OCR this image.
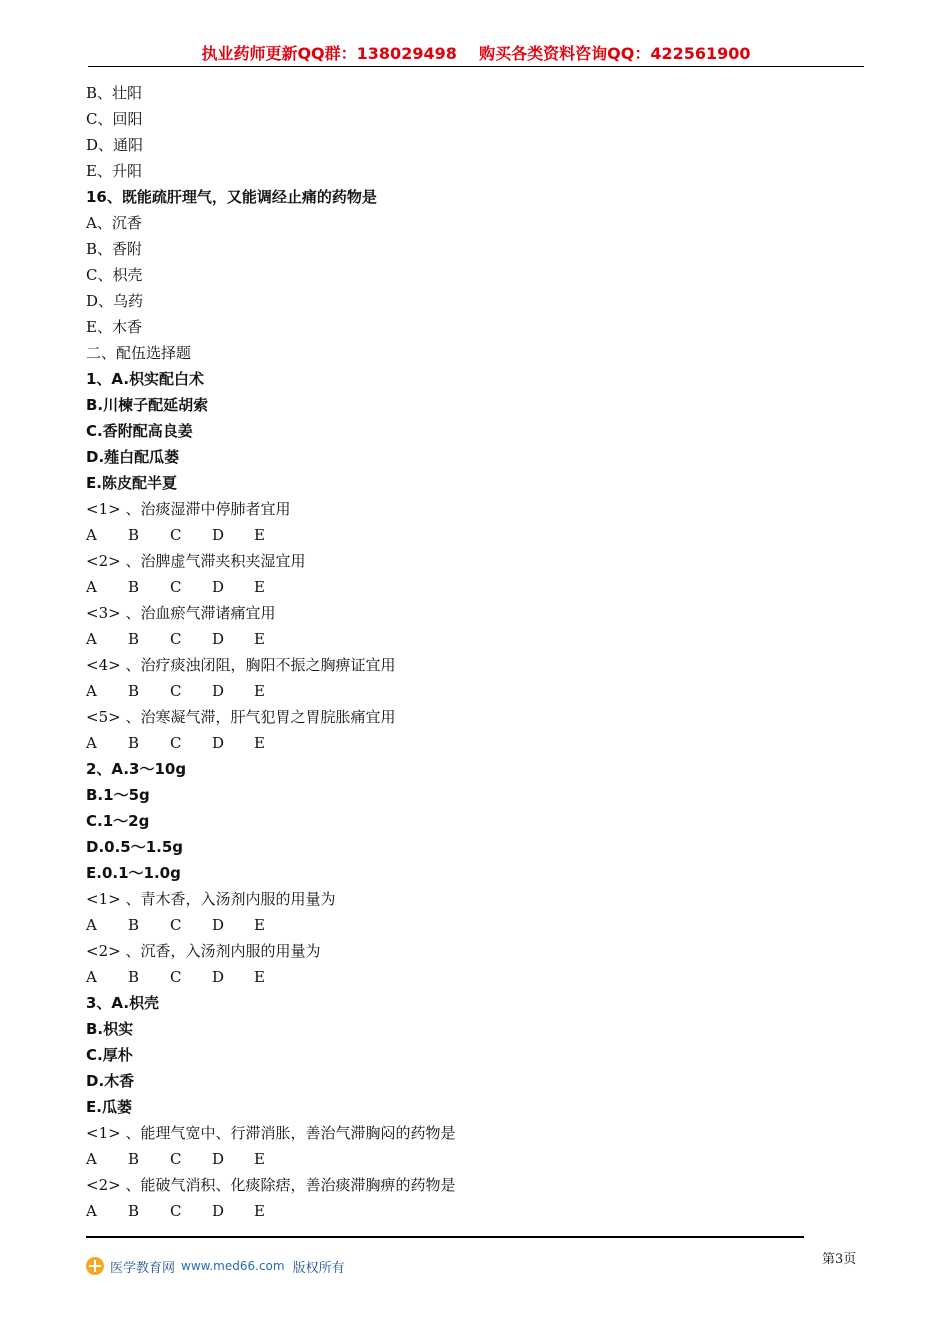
执业药师更新QQ群：138029498    购买各类资料咨询QQ：422561900
B、壮阳
C、回阳
D、通阳
E、升阳
16、既能疏肝理气，又能调经止痛的药物是
A、沉香
B、香附
C、枳壳
D、乌药
E、木香
二、配伍选择题
1、A.枳实配白术
B.川楝子配延胡索
C.香附配高良姜
D.薤白配瓜蒌
E.陈皮配半夏
<1> 、治痰湿滞中停肺者宜用
A B C D E
<2> 、治脾虚气滞夹积夹湿宜用
A B C D E
<3> 、治血瘀气滞诸痛宜用
A B C D E
<4> 、治疗痰浊闭阻，胸阳不振之胸痹证宜用
A B C D E
<5> 、治寒凝气滞，肝气犯胃之胃脘胀痛宜用
A B C D E
2、A.3～10g
B.1～5g
C.1～2g
D.0.5～1.5g
E.0.1～1.0g
<1> 、青木香，入汤剂内服的用量为
A B C D E
<2> 、沉香，入汤剂内服的用量为
A B C D E
3、A.枳壳
B.枳实
C.厚朴
D.木香
E.瓜蒌
<1> 、能理气宽中、行滞消胀，善治气滞胸闷的药物是
A B C D E
<2> 、能破气消积、化痰除痞，善治痰滞胸痹的药物是
A B C D E
医学教育网 www.med66.com 版权所有
第3页
